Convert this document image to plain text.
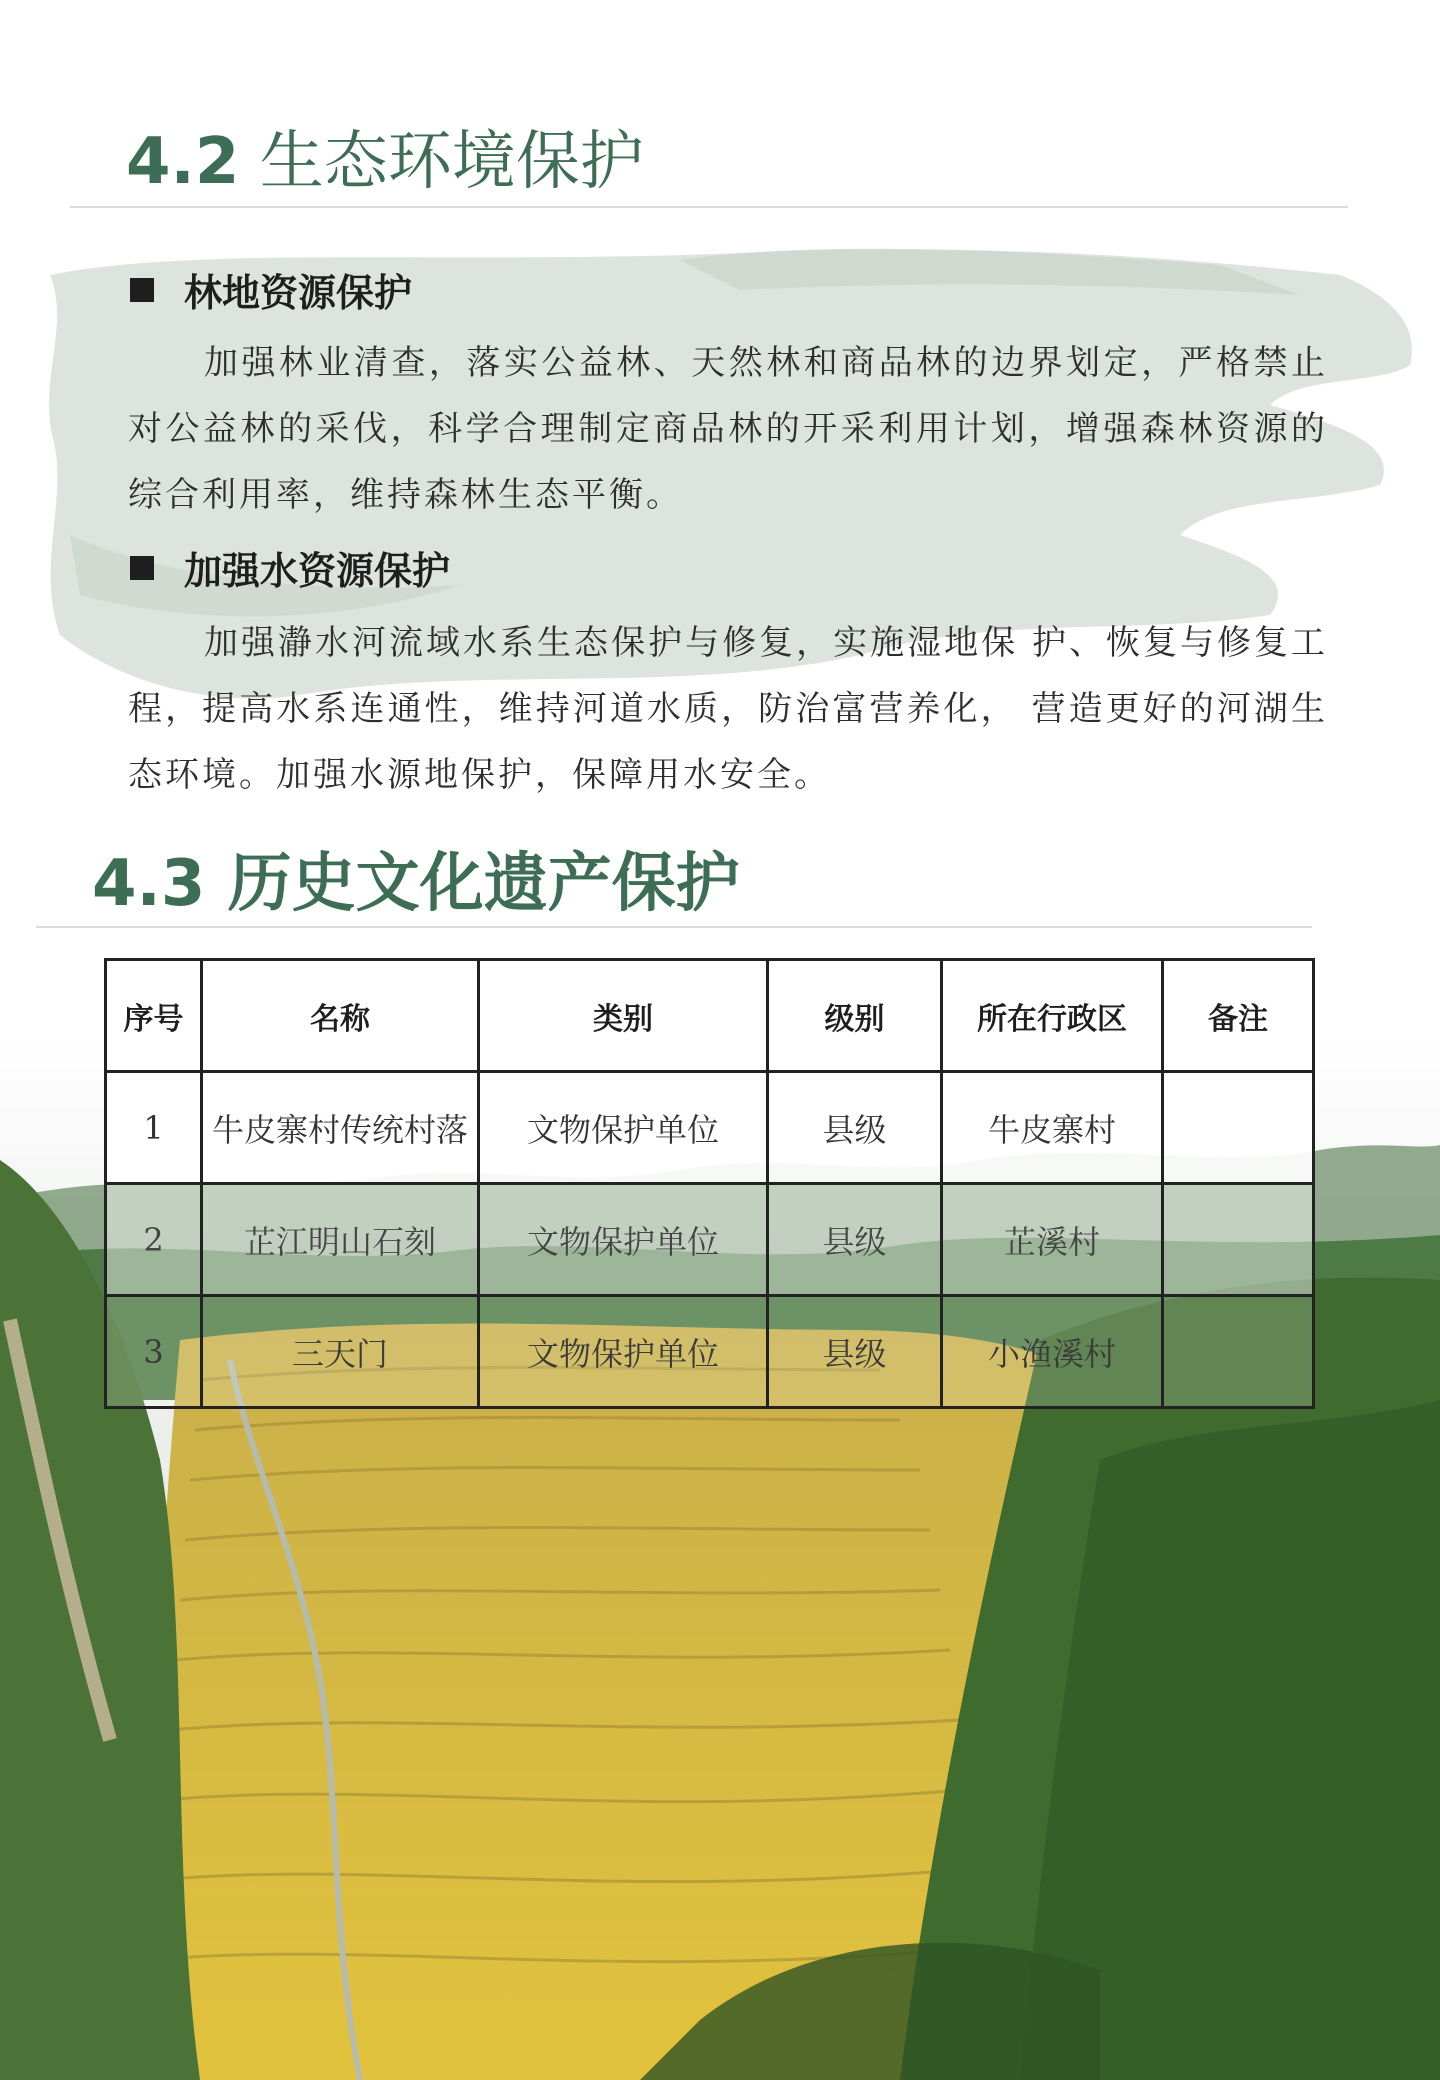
4.2 生态环境保护
林地资源保护

加强林业清查，落实公益林、天然林和商品林的边界划定，严格禁止对公益林的采伐，科学合理制定商品林的开采利用计划，增强森林资源的综合利用率，维持森林生态平衡。

加强水资源保护

加强瀞水河流域水系生态保护与修复，实施湿地保 护、恢复与修复工程，提高水系连通性，维持河道水质，防治富营养化， 营造更好的河湖生态环境。加强水源地保护，保障用水安全。

4.3 历史文化遗产保护
序号	名称	类别	级别	所在行政区	备注
1	牛皮寨村传统村落	文物保护单位	县级	牛皮寨村	
2	芷江明山石刻	文物保护单位	县级	芷溪村	
3	三天门	文物保护单位	县级	小渔溪村	
